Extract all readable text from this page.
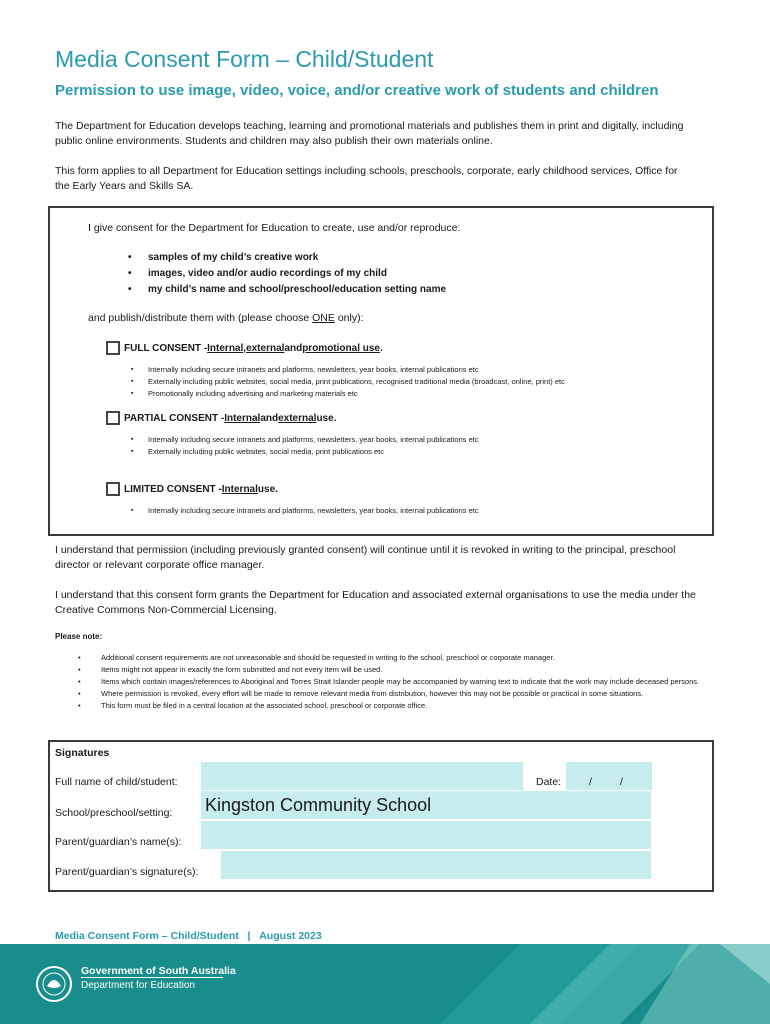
Media Consent Form – Child/Student
Permission to use image, video, voice, and/or creative work of students and children
The Department for Education develops teaching, learning and promotional materials and publishes them in print and digitally, including public online environments. Students and children may also publish their own materials online.
This form applies to all Department for Education settings including schools, preschools, corporate, early childhood services, Office for the Early Years and Skills SA.
I give consent for the Department for Education to create, use and/or reproduce:
• samples of my child’s creative work
• images, video and/or audio recordings of my child
• my child’s name and school/preschool/education setting name
and publish/distribute them with (please choose ONE only):
FULL CONSENT - Internal , external and promotional use .
▪ Internally including secure intranets and platforms, newsletters, year books, internal publications etc
▪ Externally including public websites, social media, print publications, recognised traditional media (broadcast, online, print) etc
▪ Promotionally including advertising and marketing materials etc
PARTIAL CONSENT - Internal and external use.
▪ Internally including secure intranets and platforms, newsletters, year books, internal publications etc
▪ Externally including public websites, social media, print publications etc
LIMITED CONSENT - Internal use.
▪ Internally including secure intranets and platforms, newsletters, year books, internal publications etc
I understand that permission (including previously granted consent) will continue until it is revoked in writing to the principal, preschool director or relevant corporate office manager.
I understand that this consent form grants the Department for Education and associated external organisations to use the media under the Creative Commons Non-Commercial Licensing.
Please note:
• Additional consent requirements are not unreasonable and should be requested in writing to the school, preschool or corporate manager.
• Items might not appear in exactly the form submitted and not every item will be used.
• Items which contain images/references to Aboriginal and Torres Strait Islander people may be accompanied by warning text to indicate that the work may include deceased persons.
• Where permission is revoked, every effort will be made to remove relevant media from distribution, however this may not be possible or practical in some situations.
• This form must be filed in a central location at the associated school, preschool or corporate office.
Signatures
Full name of child/student:	Date:	/	/
School/preschool/setting: Kingston Community School
Parent/guardian’s name(s):
Parent/guardian’s signature(s):
Media Consent Form – Child/Student | August 2023
Government of South Australia
Department for Education
